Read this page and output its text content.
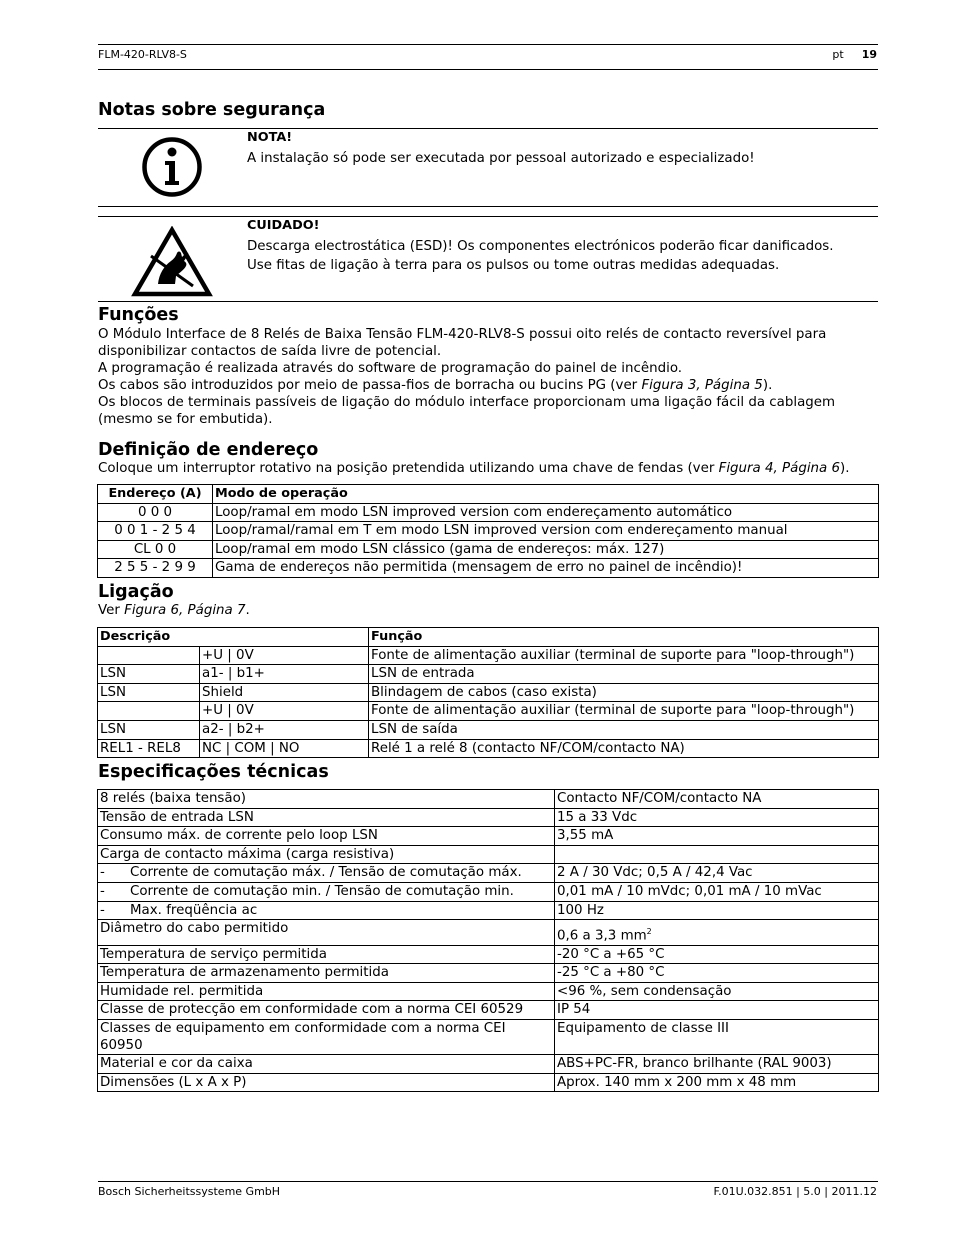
FLM-420-RLV8-S	pt 19
Notas sobre segurança
NOTA!
A instalação só pode ser executada por pessoal autorizado e especializado!
CUIDADO!
Descarga electrostática (ESD)! Os componentes electrónicos poderão ficar danificados.
Use fitas de ligação à terra para os pulsos ou tome outras medidas adequadas.
Funções
O Módulo Interface de 8 Relés de Baixa Tensão FLM-420-RLV8-S possui oito relés de contacto reversível para disponibilizar contactos de saída livre de potencial.
A programação é realizada através do software de programação do painel de incêndio.
Os cabos são introduzidos por meio de passa-fios de borracha ou bucins PG (ver Figura 3, Página 5).
Os blocos de terminais passíveis de ligação do módulo interface proporcionam uma ligação fácil da cablagem (mesmo se for embutida).
Definição de endereço
Coloque um interruptor rotativo na posição pretendida utilizando uma chave de fendas (ver Figura 4, Página 6).
Endereço (A)	Modo de operação
0 0 0	Loop/ramal em modo LSN improved version com endereçamento automático
0 0 1 - 2 5 4	Loop/ramal/ramal em T em modo LSN improved version com endereçamento manual
CL 0 0	Loop/ramal em modo LSN clássico (gama de endereços: máx. 127)
2 5 5 - 2 9 9	Gama de endereços não permitida (mensagem de erro no painel de incêndio)!
Ligação
Ver Figura 6, Página 7.
Descrição		Função
	+U | 0V	Fonte de alimentação auxiliar (terminal de suporte para "loop-through")
LSN	a1- | b1+	LSN de entrada
LSN	Shield	Blindagem de cabos (caso exista)
	+U | 0V	Fonte de alimentação auxiliar (terminal de suporte para "loop-through")
LSN	a2- | b2+	LSN de saída
REL1 - REL8	NC | COM | NO	Relé 1 a relé 8 (contacto NF/COM/contacto NA)
Especificações técnicas
8 relés (baixa tensão)	Contacto NF/COM/contacto NA
Tensão de entrada LSN	15 a 33 Vdc
Consumo máx. de corrente pelo loop LSN	3,55 mA
Carga de contacto máxima (carga resistiva)	
- Corrente de comutação máx. / Tensão de comutação máx.	2 A / 30 Vdc; 0,5 A / 42,4 Vac
- Corrente de comutação min. / Tensão de comutação min.	0,01 mA / 10 mVdc; 0,01 mA / 10 mVac
- Max. freqüência ac	100 Hz
Diâmetro do cabo permitido	0,6 a 3,3 $mm^2$
Temperatura de serviço permitida	-20 °C a +65 °C
Temperatura de armazenamento permitida	-25 °C a +80 °C
Humidade rel. permitida	<96 %, sem condensação
Classe de protecção em conformidade com a norma CEI 60529	IP 54
Classes de equipamento em conformidade com a norma CEI 60950	Equipamento de classe III
Material e cor da caixa	ABS+PC-FR, branco brilhante (RAL 9003)
Dimensões (L x A x P)	Aprox. 140 mm x 200 mm x 48 mm
Bosch Sicherheitssysteme GmbH	F.01U.032.851 | 5.0 | 2011.12
